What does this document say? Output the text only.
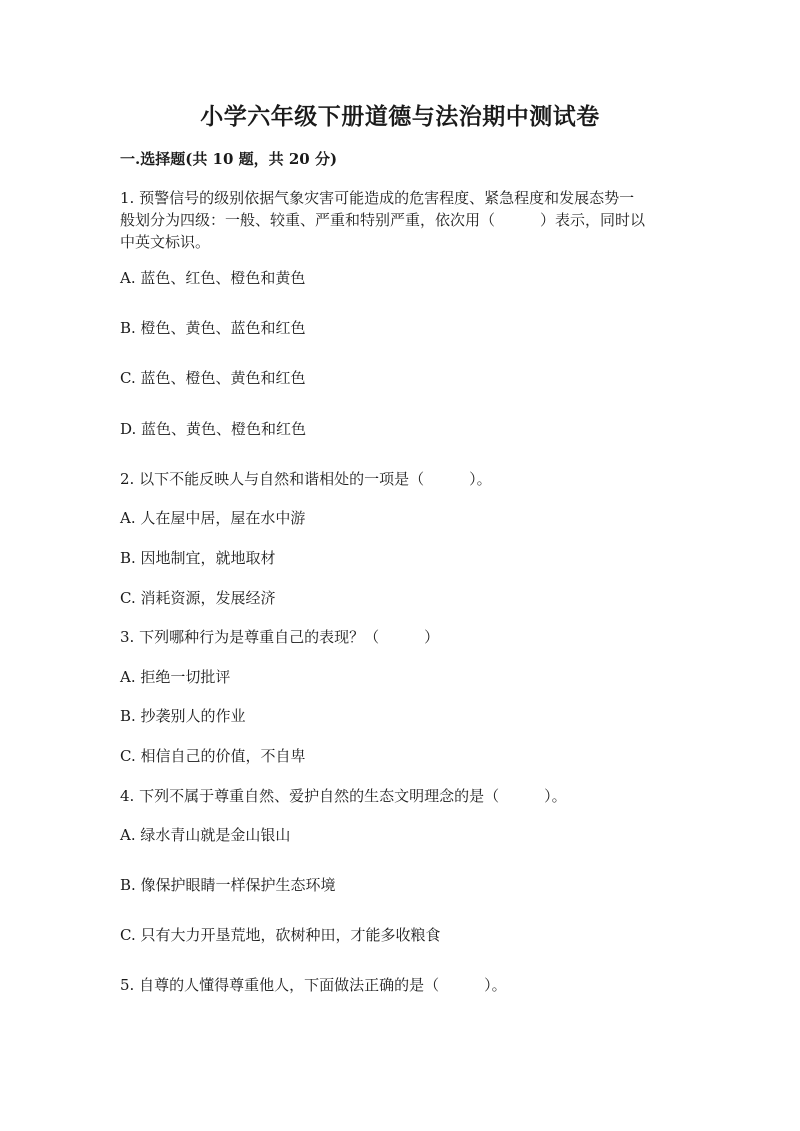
小学六年级下册道德与法治期中测试卷
一.选择题(共 10 题，共 20 分)
1. 预警信号的级别依据气象灾害可能造成的危害程度、紧急程度和发展态势一
般划分为四级：一般、较重、严重和特别严重，依次用（　　　）表示，同时以
中英文标识。
A. 蓝色、红色、橙色和黄色
B. 橙色、黄色、蓝色和红色
C. 蓝色、橙色、黄色和红色
D. 蓝色、黄色、橙色和红色
2. 以下不能反映人与自然和谐相处的一项是（　　　）。
A. 人在屋中居，屋在水中游
B. 因地制宜，就地取材
C. 消耗资源，发展经济
3. 下列哪种行为是尊重自己的表现？（　　　）
A. 拒绝一切批评
B. 抄袭别人的作业
C. 相信自己的价值，不自卑
4. 下列不属于尊重自然、爱护自然的生态文明理念的是（　　　）。
A. 绿水青山就是金山银山
B. 像保护眼睛一样保护生态环境
C. 只有大力开垦荒地，砍树种田，才能多收粮食
5. 自尊的人懂得尊重他人，下面做法正确的是（　　　）。
